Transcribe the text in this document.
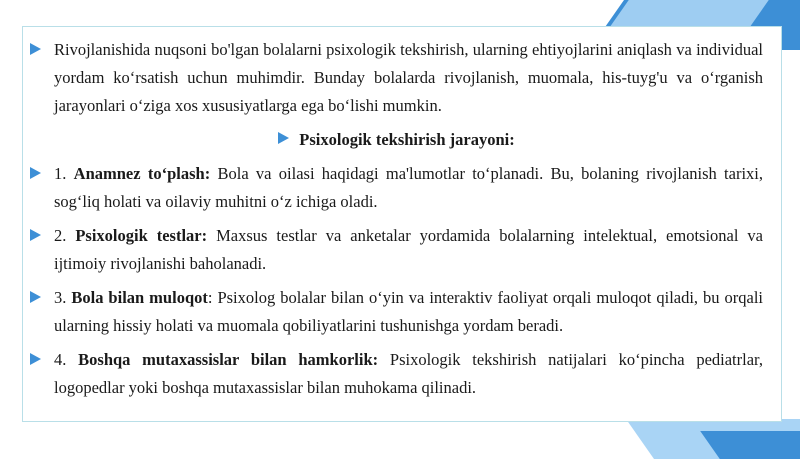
Rivojlanishida nuqsoni bo'lgan bolalarni psixologik tekshirish, ularning ehtiyojlarini aniqlash va individual yordam ko‘rsatish uchun muhimdir. Bunday bolalarda rivojlanish, muomala, his-tuyg'u va o‘rganish jarayonlari o‘ziga xos xususiyatlarga ega bo‘lishi mumkin.

Psixologik tekshirish jarayoni:

1. Anamnez to‘plash: Bola va oilasi haqidagi ma'lumotlar to‘planadi. Bu, bolaning rivojlanish tarixi, sog‘liq holati va oilaviy muhitni o‘z ichiga oladi.

2. Psixologik testlar: Maxsus testlar va anketalar yordamida bolalarning intelektual, emotsional va ijtimoiy rivojlanishi baholanadi.

3. Bola bilan muloqot: Psixolog bolalar bilan o‘yin va interaktiv faoliyat orqali muloqot qiladi, bu orqali ularning hissiy holati va muomala qobiliyatlarini tushunishga yordam beradi.

4. Boshqa mutaxassislar bilan hamkorlik: Psixologik tekshirish natijalari ko‘pincha pediatrlar, logopedlar yoki boshqa mutaxassislar bilan muhokama qilinadi.
